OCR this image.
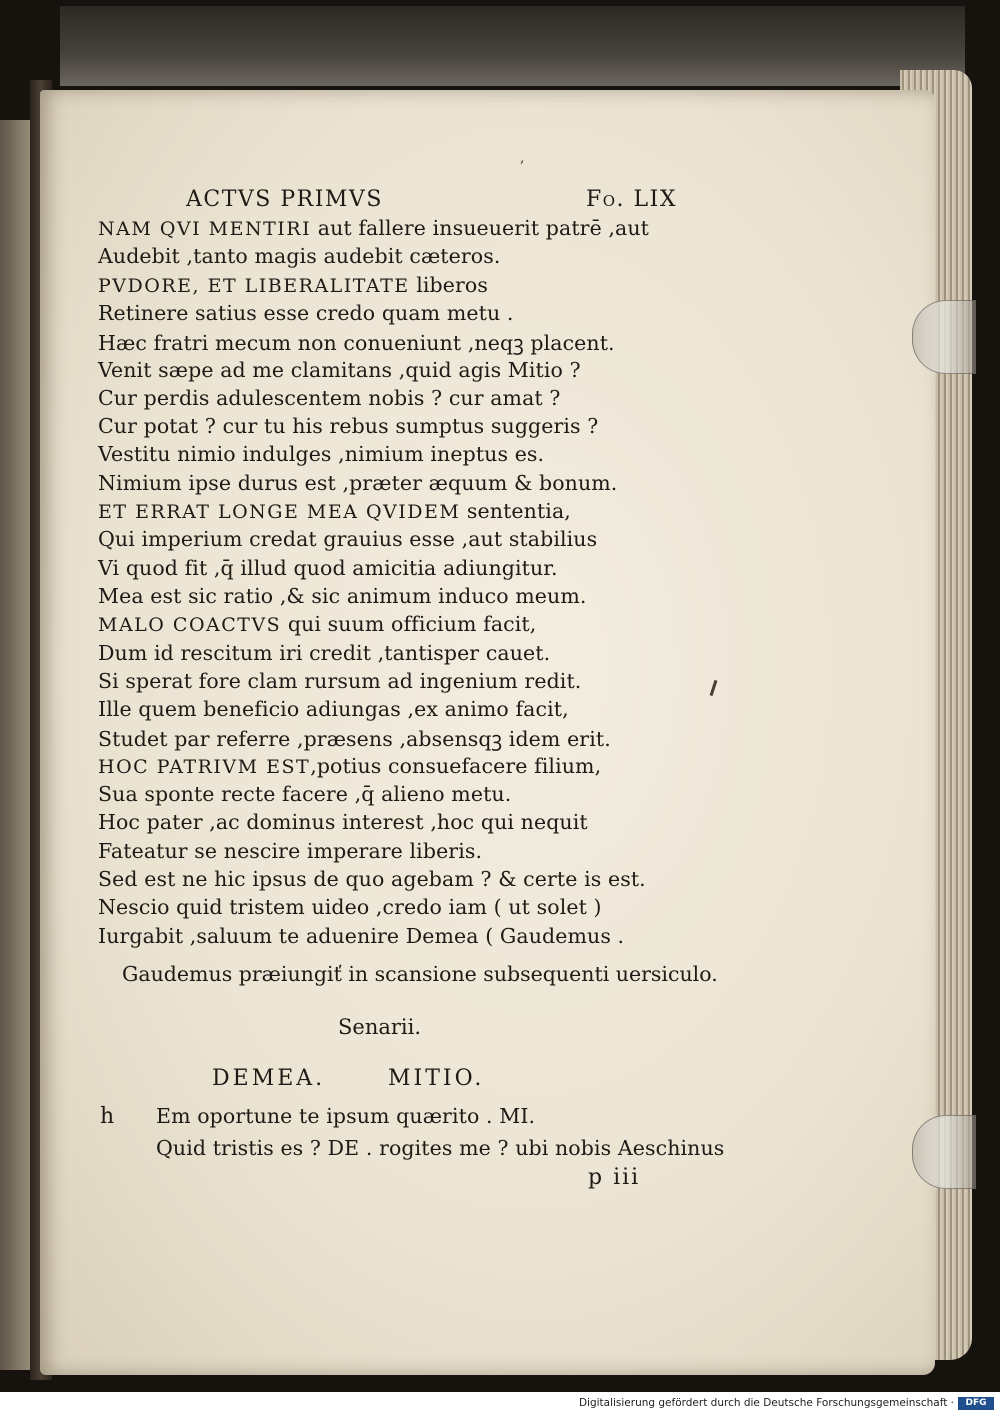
,
ACTVS PRIMVS	Fo. LIX

NAM QVI MENTIRI aut fallere insueuerit patrē ,aut

Audebit ,tanto magis audebit cæteros.

PVDORE, ET LIBERALITATE liberos

Retinere satius esse credo quam metu .

Hæc fratri mecum non conueniunt ,neqꝫ placent.

Venit sæpe ad me clamitans ,quid agis Mitio ?

Cur perdis adulescentem nobis ? cur amat ?

Cur potat ? cur tu his rebus sumptus suggeris ?

Vestitu nimio indulges ,nimium ineptus es.

Nimium ipse durus est ,præter æquum & bonum.

ET ERRAT LONGE MEA QVIDEM sententia,

Qui imperium credat grauius esse ,aut stabilius

Vi quod fit ,q̄ illud quod amicitia adiungitur.

Mea est sic ratio ,& sic animum induco meum.

MALO COACTVS qui suum officium facit,

Dum id rescitum iri credit ,tantisper cauet.

Si sperat fore clam rursum ad ingenium redit.

Ille quem beneficio adiungas ,ex animo facit,

Studet par referre ,præsens ,absensqꝫ idem erit.

HOC PATRIVM EST,potius consuefacere filium,

Sua sponte recte facere ,q̄ alieno metu.

Hoc pater ,ac dominus interest ,hoc qui nequit

Fateatur se nescire imperare liberis.

Sed est ne hic ipsus de quo agebam ? & certe is est.

Nescio quid tristem uideo ,credo iam ( ut solet )

Iurgabit ,saluum te aduenire Demea ( Gaudemus .

Gaudemus præiungiť in scansione subsequenti uersiculo.
Senarii.
DEMEA.	MITIO.
h Em oportune te ipsum quærito . MI.
Quid tristis es ? DE . rogites me ? ubi nobis Aeschinus
p iii
Digitalisierung gefördert durch die Deutsche Forschungsgemeinschaft ·	DFG
